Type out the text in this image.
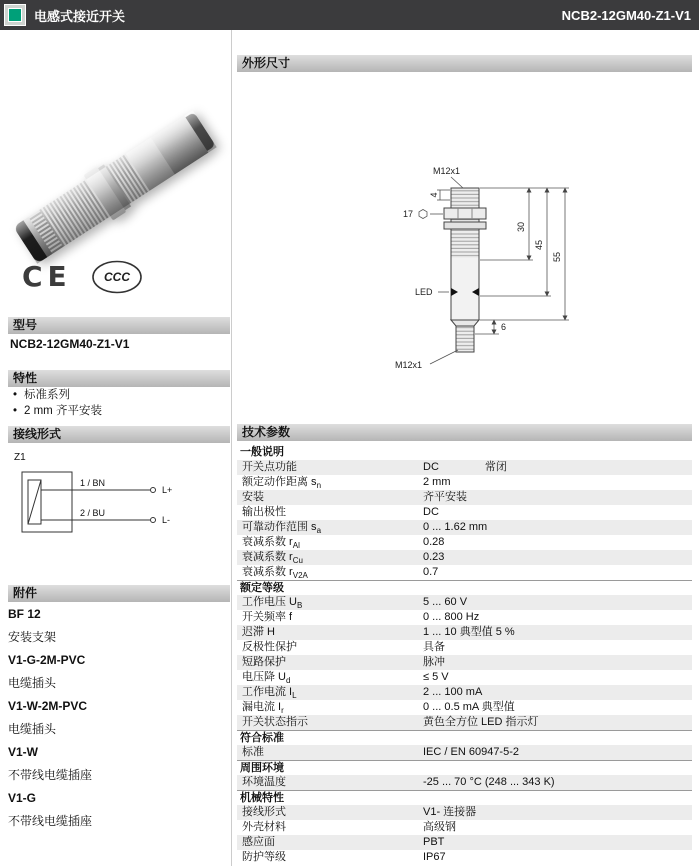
电感式接近开关	NCB2-12GM40-Z1-V1
CE	CCC
型号
NCB2-12GM40-Z1-V1
特性
• 标准系列
• 2 mm 齐平安装
接线形式
Z1
1 / BN
2 / BU
L+
L-
附件
BF 12
安装支架
V1-G-2M-PVC
电缆插头
V1-W-2M-PVC
电缆插头
V1-W
不带线电缆插座
V1-G
不带线电缆插座
外形尺寸
M12x1
4
17
LED
M12x1
6
30
45
55
技术参数
一般说明
开关点功能	DC	常闭
额定动作距离 $s_n$	2 mm
安装	齐平安装
输出极性	DC
可靠动作范围 $s_a$	0 ... 1.62 mm
衰减系数 $r_{Al}$	0.28
衰减系数 $r_{Cu}$	0.23
衰减系数 $r_{V2A}$	0.7
额定等级
工作电压 $U_B$	5 ... 60 V
开关频率 f	0 ... 800 Hz
迟滞 H	1 ... 10 典型值 5 %
反极性保护	具备
短路保护	脉冲
电压降 $U_d$	≤ 5 V
工作电流 $I_L$	2 ... 100 mA
漏电流 $I_r$	0 ... 0.5 mA 典型值
开关状态指示	黄色全方位 LED 指示灯
符合标准
标准	IEC / EN 60947-5-2
周围环境
环境温度	-25 ... 70 °C (248 ... 343 K)
机械特性
接线形式	V1- 连接器
外壳材料	高级钢
感应面	PBT
防护等级	IP67
